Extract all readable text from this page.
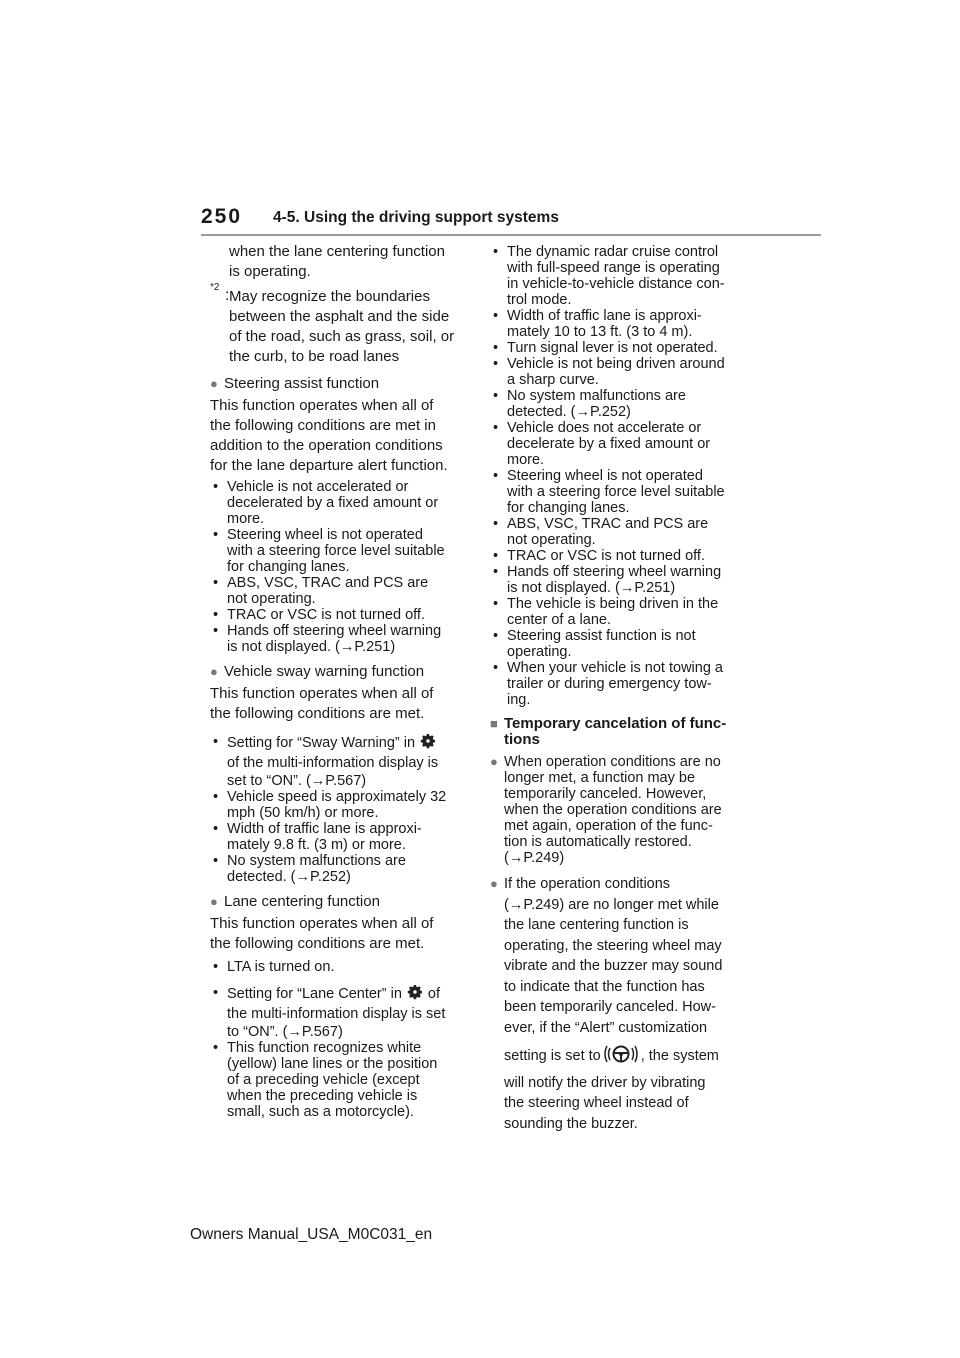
250 4-5. Using the driving support systems

when the lane centering function

is operating.

*2 : May recognize the boundaries

between the asphalt and the side

of the road, such as grass, soil, or

the curb, to be road lanes

● Steering assist function

This function operates when all of

the following conditions are met in

addition to the operation conditions

for the lane departure alert function.

• Vehicle is not accelerated or
decelerated by a fixed amount or
more.
• Steering wheel is not operated
with a steering force level suitable
for changing lanes.
• ABS, VSC, TRAC and PCS are
not operating.
• TRAC or VSC is not turned off.
• Hands off steering wheel warning
is not displayed. (→P.251)
● Vehicle sway warning function

This function operates when all of

the following conditions are met.

• Setting for “Sway Warning” in
of the multi-information display is
set to “ON”. (→P.567)
• Vehicle speed is approximately 32
mph (50 km/h) or more.
• Width of traffic lane is approxi-
mately 9.8 ft. (3 m) or more.
• No system malfunctions are
detected. (→P.252)
● Lane centering function

This function operates when all of

the following conditions are met.

• LTA is turned on.
• Setting for “Lane Center” in of
the multi-information display is set
to “ON”. (→P.567)
• This function recognizes white
(yellow) lane lines or the position
of a preceding vehicle (except
when the preceding vehicle is
small, such as a motorcycle).
• The dynamic radar cruise control
with full-speed range is operating
in vehicle-to-vehicle distance con-
trol mode.
• Width of traffic lane is approxi-
mately 10 to 13 ft. (3 to 4 m).
• Turn signal lever is not operated.
• Vehicle is not being driven around
a sharp curve.
• No system malfunctions are
detected. (→P.252)
• Vehicle does not accelerate or
decelerate by a fixed amount or
more.
• Steering wheel is not operated
with a steering force level suitable
for changing lanes.
• ABS, VSC, TRAC and PCS are
not operating.
• TRAC or VSC is not turned off.
• Hands off steering wheel warning
is not displayed. (→P.251)
• The vehicle is being driven in the
center of a lane.
• Steering assist function is not
operating.
• When your vehicle is not towing a
trailer or during emergency tow-
ing.
■ Temporary cancelation of func-
tions
● When operation conditions are no
longer met, a function may be
temporarily canceled. However,
when the operation conditions are
met again, operation of the func-
tion is automatically restored.
(→P.249)
● If the operation conditions
(→P.249) are no longer met while
the lane centering function is
operating, the steering wheel may
vibrate and the buzzer may sound
to indicate that the function has
been temporarily canceled. How-
ever, if the “Alert” customization
setting is set to	, the system
will notify the driver by vibrating
the steering wheel instead of
sounding the buzzer.
Owners Manual_USA_M0C031_en
